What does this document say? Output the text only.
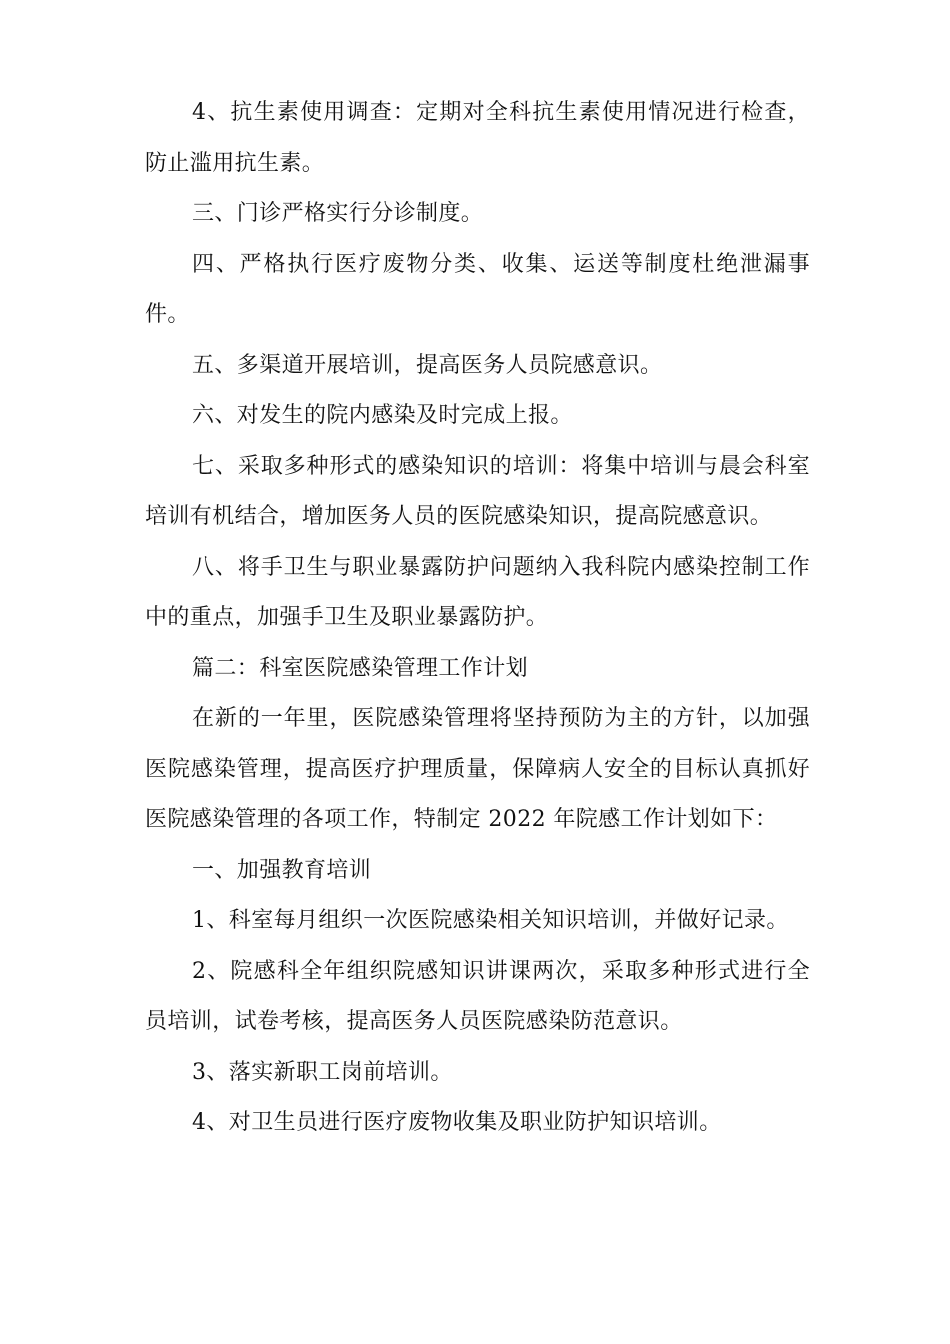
4、抗生素使用调查：定期对全科抗生素使用情况进行检查，防止滥用抗生素。

三、门诊严格实行分诊制度。

四、严格执行医疗废物分类、收集、运送等制度杜绝泄漏事件。

五、多渠道开展培训，提高医务人员院感意识。

六、对发生的院内感染及时完成上报。

七、采取多种形式的感染知识的培训：将集中培训与晨会科室培训有机结合，增加医务人员的医院感染知识，提高院感意识。

八、将手卫生与职业暴露防护问题纳入我科院内感染控制工作中的重点，加强手卫生及职业暴露防护。

篇二：科室医院感染管理工作计划

在新的一年里，医院感染管理将坚持预防为主的方针，以加强医院感染管理，提高医疗护理质量，保障病人安全的目标认真抓好医院感染管理的各项工作，特制定 2022 年院感工作计划如下：

一、加强教育培训

1、科室每月组织一次医院感染相关知识培训，并做好记录。

2、院感科全年组织院感知识讲课两次，采取多种形式进行全员培训，试卷考核，提高医务人员医院感染防范意识。

3、落实新职工岗前培训。

4、对卫生员进行医疗废物收集及职业防护知识培训。
